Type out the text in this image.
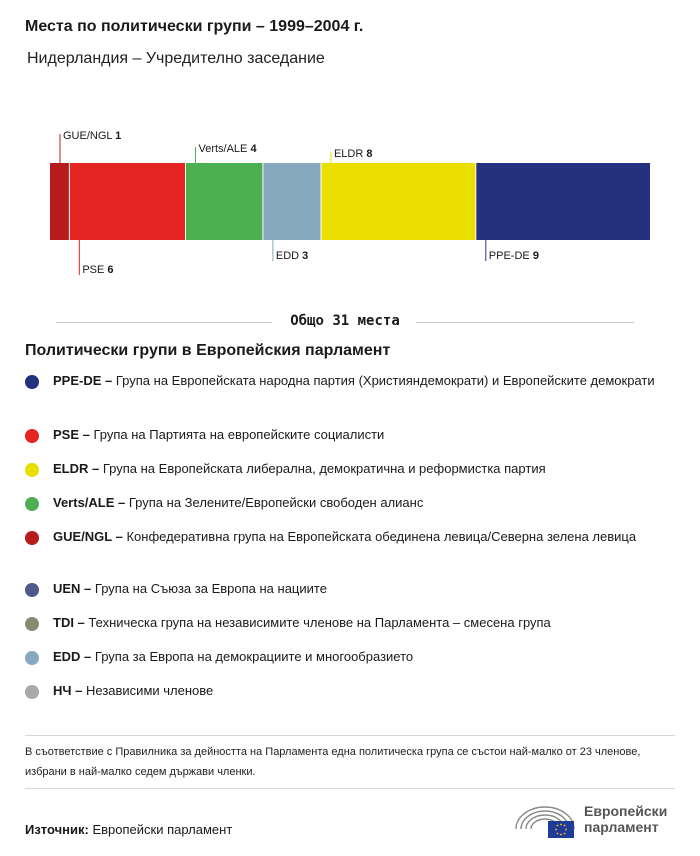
Места по политически групи – 1999–2004 г.
Нидерландия – Учредително заседание
GUE/NGL 1
PSE 6
Verts/ALE 4
EDD 3
ELDR 8
PPE-DE 9
Общо 31 места
Политически групи в Европейския парламент
PPE-DE – Група на Европейската народна партия (Християндемократи) и Европейските демократи
PSE – Група на Партията на европейските социалисти
ELDR – Група на Европейската либерална, демократична и реформистка партия
Verts/ALE – Група на Зелените/Европейски свободен алианс
GUE/NGL – Конфедеративна група на Европейската обединена левица/Северна зелена левица
UEN – Група на Съюза за Европа на нациите
TDI – Техническа група на независимите членове на Парламента – смесена група
EDD – Група за Европа на демокрациите и многообразието
НЧ – Независими членове
В съответствие с Правилника за дейността на Парламента една политическа група се състои най-малко от 23 членове, избрани в най-малко седем държави членки.
Източник: Европейски парламент
Европейски
парламент
